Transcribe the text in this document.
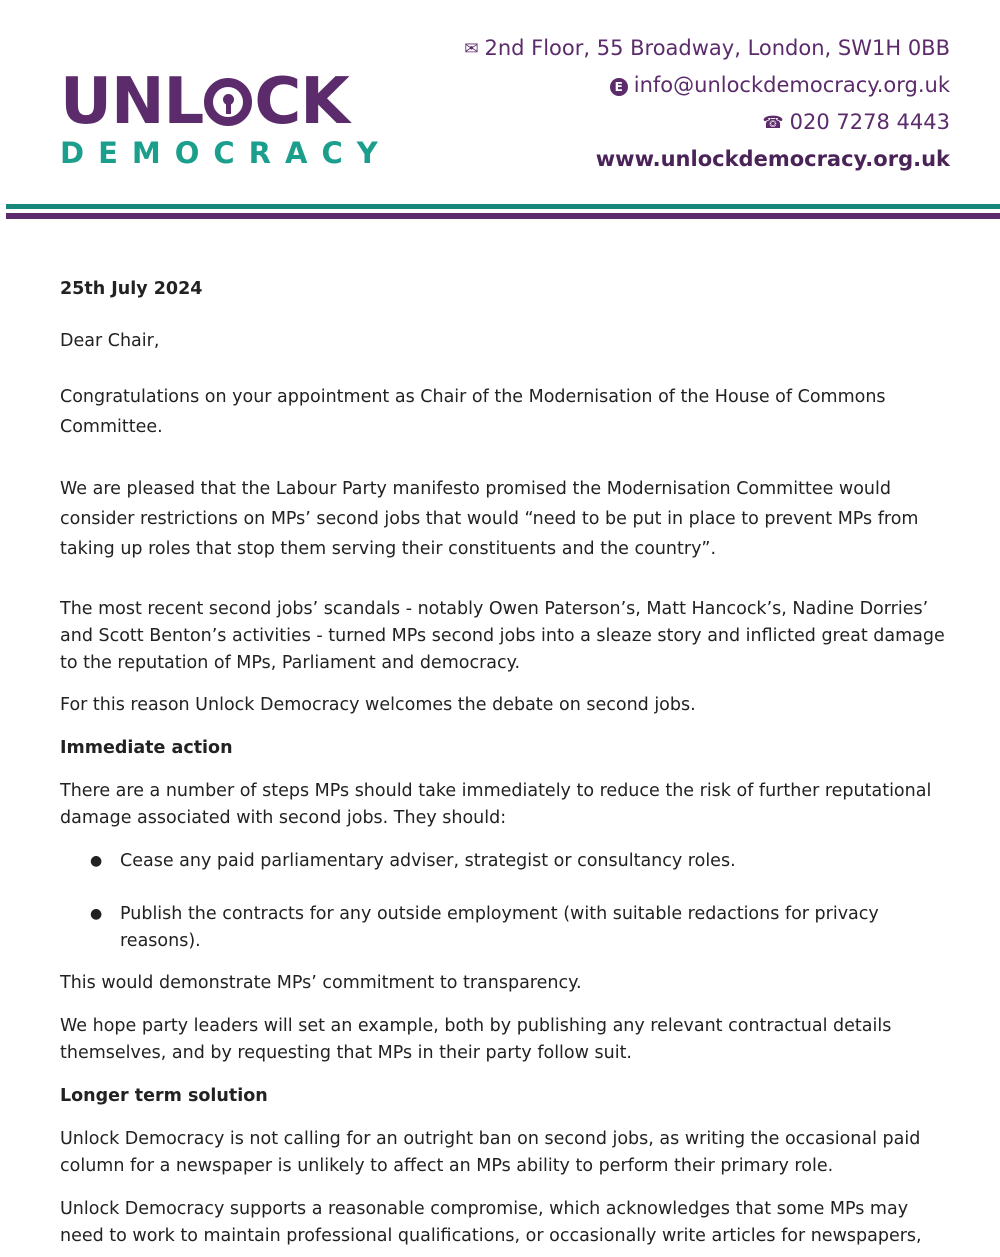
UNL CK
DEMOCRACY
✉ 2nd Floor, 55 Broadway, London, SW1H 0BB
E info@unlockdemocracy.org.uk
☎ 020 7278 4443
www.unlockdemocracy.org.uk

25th July 2024

Dear Chair,

Congratulations on your appointment as Chair of the Modernisation of the House of Commons Committee.

We are pleased that the Labour Party manifesto promised the Modernisation Committee would consider restrictions on MPs’ second jobs that would “need to be put in place to prevent MPs from taking up roles that stop them serving their constituents and the country”.

The most recent second jobs’ scandals - notably Owen Paterson’s, Matt Hancock’s, Nadine Dorries’ and Scott Benton’s activities - turned MPs second jobs into a sleaze story and inflicted great damage to the reputation of MPs, Parliament and democracy.

For this reason Unlock Democracy welcomes the debate on second jobs.

Immediate action

There are a number of steps MPs should take immediately to reduce the risk of further reputational damage associated with second jobs. They should:

●	Cease any paid parliamentary adviser, strategist or consultancy roles.
●	Publish the contracts for any outside employment (with suitable redactions for privacy reasons).

This would demonstrate MPs’ commitment to transparency.

We hope party leaders will set an example, both by publishing any relevant contractual details themselves, and by requesting that MPs in their party follow suit.

Longer term solution

Unlock Democracy is not calling for an outright ban on second jobs, as writing the occasional paid column for a newspaper is unlikely to affect an MPs ability to perform their primary role.

Unlock Democracy supports a reasonable compromise, which acknowledges that some MPs may need to work to maintain professional qualifications, or occasionally write articles for newspapers,
